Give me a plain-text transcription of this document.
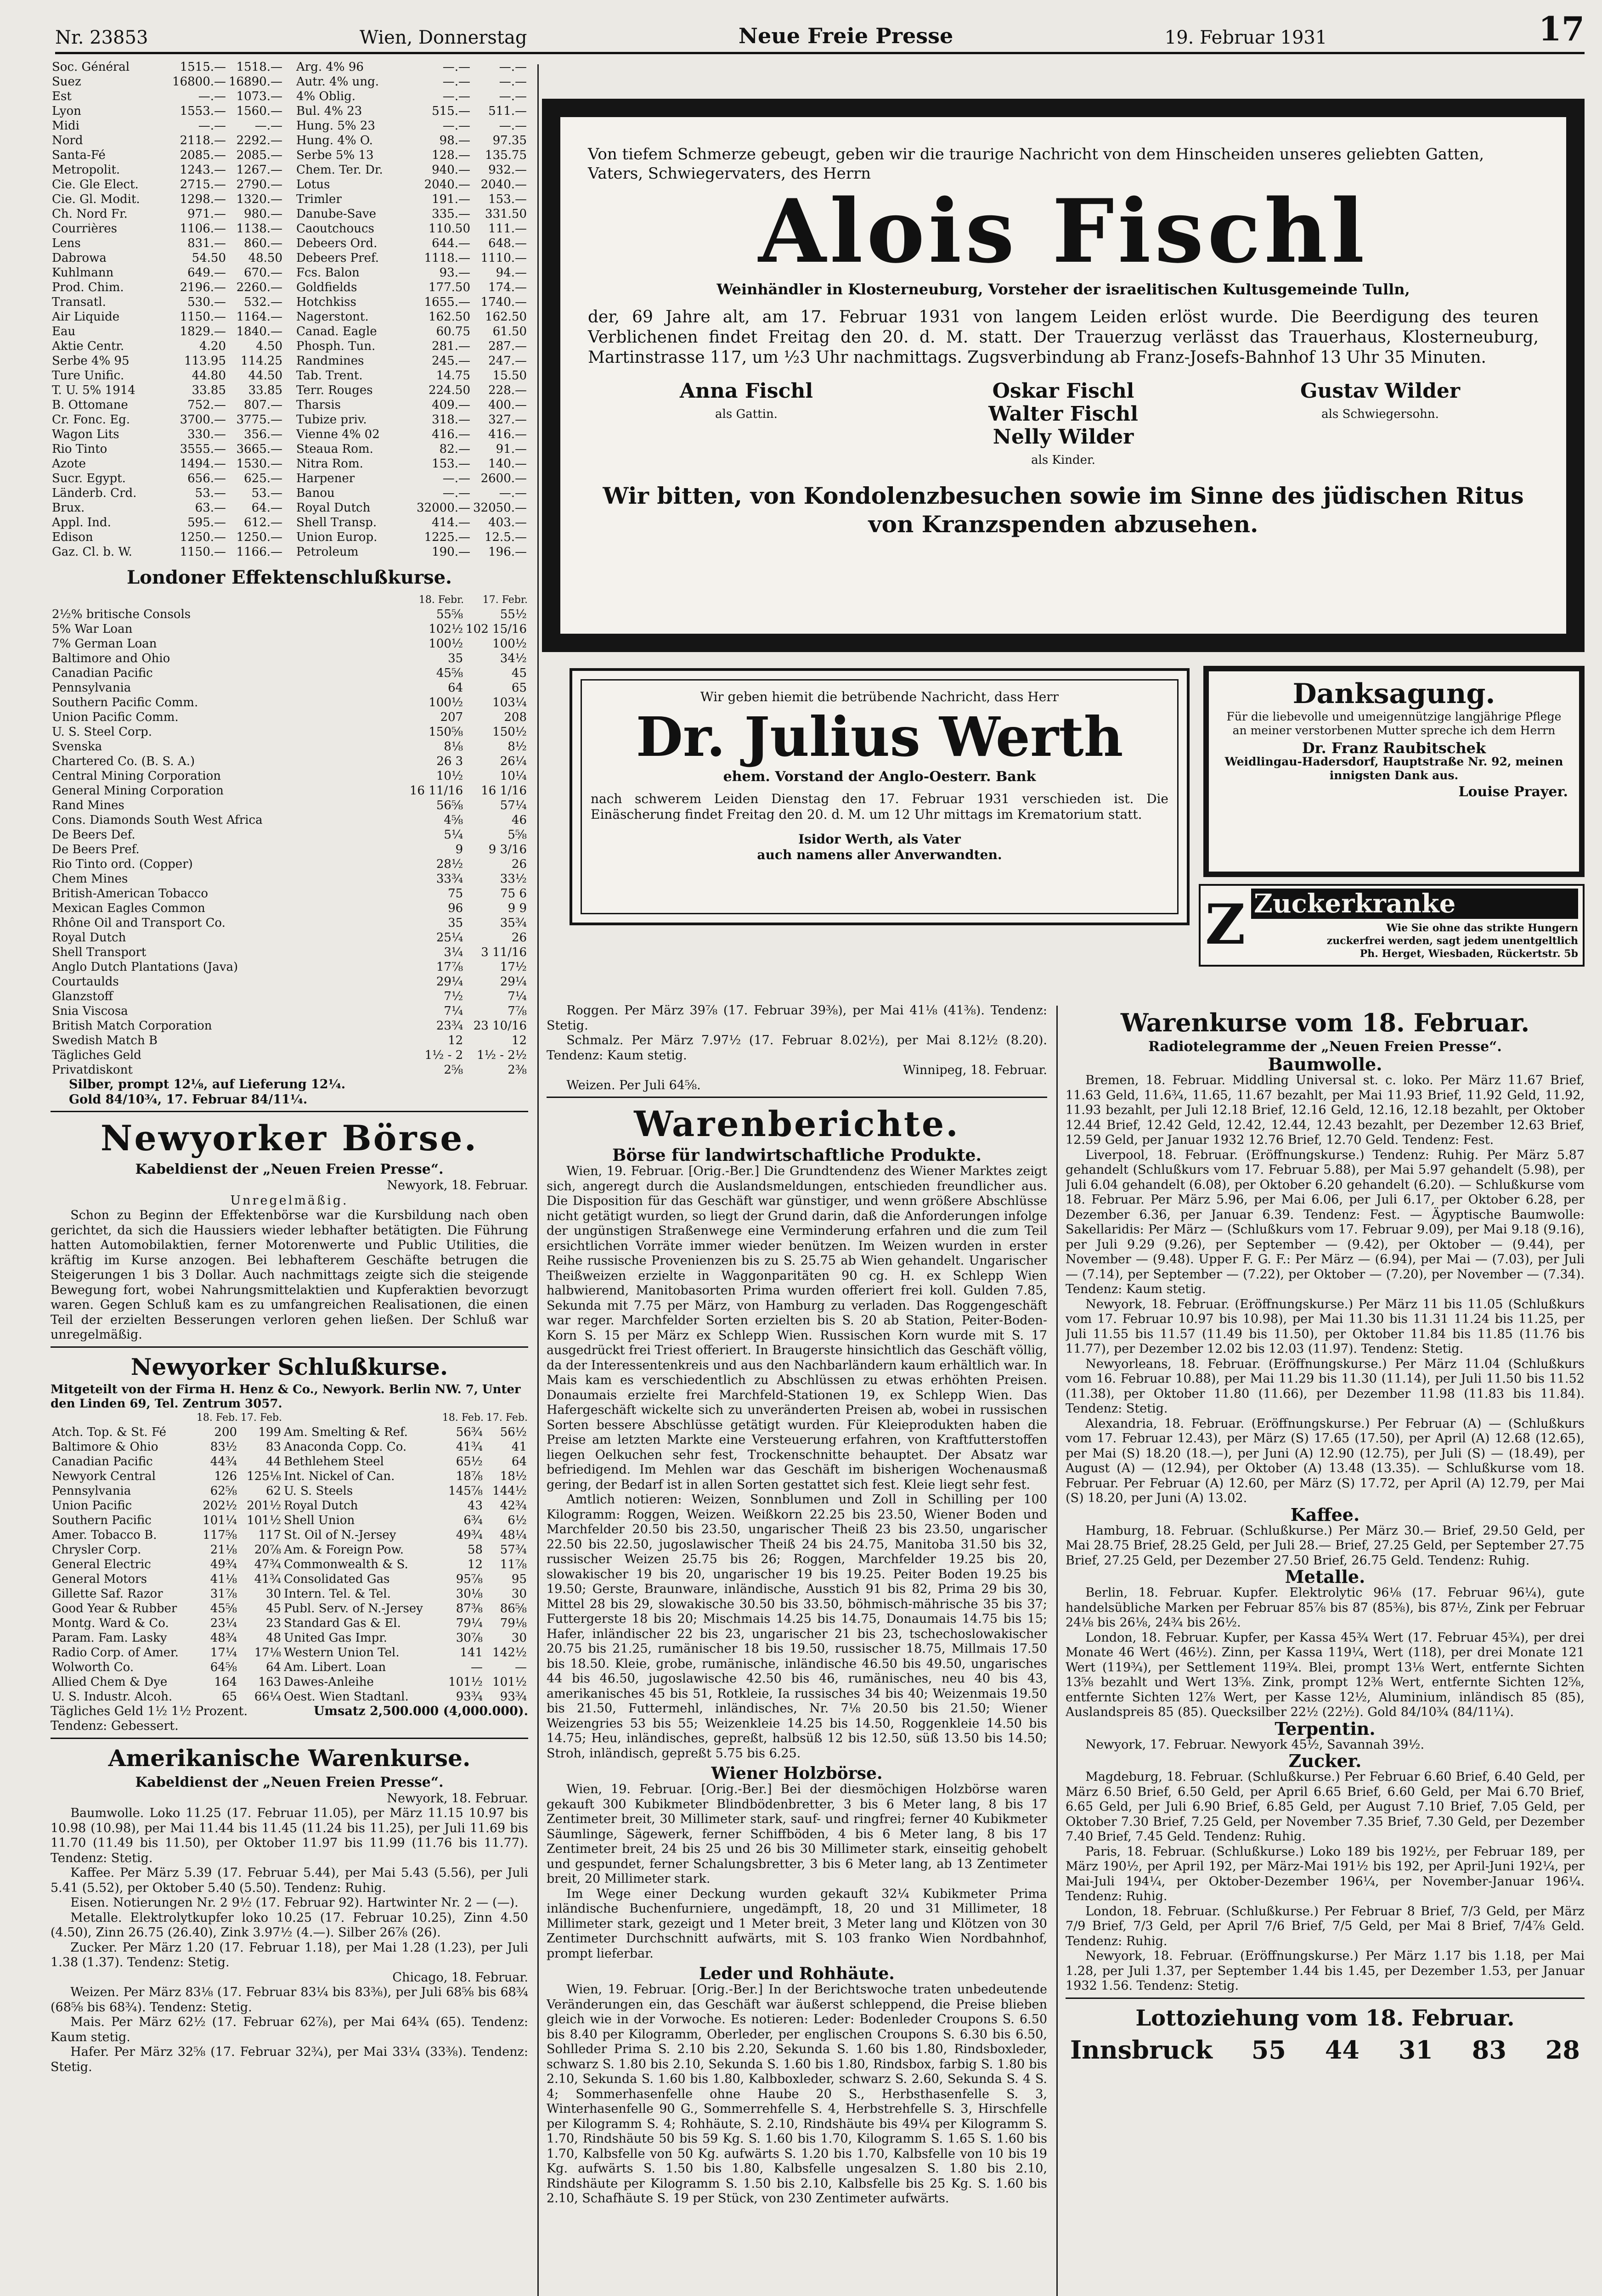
Nr. 23853	Wien, Donnerstag	Neue Freie Presse	19. Februar 1931	17
Soc. Général	1515.—	1518.—
Suez	16800.—	16890.—
Est	—.—	1073.—
Lyon	1553.—	1560.—
Midi	—.—	—.—
Nord	2118.—	2292.—
Santa-Fé	2085.—	2085.—
Metropolit.	1243.—	1267.—
Cie. Gle Elect.	2715.—	2790.—
Cie. Gl. Modit.	1298.—	1320.—
Ch. Nord Fr.	971.—	980.—
Courrières	1106.—	1138.—
Lens	831.—	860.—
Dabrowa	54.50	48.50
Kuhlmann	649.—	670.—
Prod. Chim.	2196.—	2260.—
Transatl.	530.—	532.—
Air Liquide	1150.—	1164.—
Eau	1829.—	1840.—
Aktie Centr.	4.20	4.50
Serbe 4% 95	113.95	114.25
Ture Unific.	44.80	44.50
T. U. 5% 1914	33.85	33.85
B. Ottomane	752.—	807.—
Cr. Fonc. Eg.	3700.—	3775.—
Wagon Lits	330.—	356.—
Rio Tinto	3555.—	3665.—
Azote	1494.—	1530.—
Sucr. Egypt.	656.—	625.—
Länderb. Crd.	53.—	53.—
Brux.	63.—	64.—
Appl. Ind.	595.—	612.—
Edison	1250.—	1250.—
Gaz. Cl. b. W.	1150.—	1166.—
Arg. 4% 96	—.—	—.—
Autr. 4% ung.	—.—	—.—
4% Oblig.	—.—	—.—
Bul. 4% 23	515.—	511.—
Hung. 5% 23	—.—	—.—
Hung. 4% O.	98.—	97.35
Serbe 5% 13	128.—	135.75
Chem. Ter. Dr.	940.—	932.—
Lotus	2040.—	2040.—
Trimler	191.—	153.—
Danube-Save	335.—	331.50
Caoutchoucs	110.50	111.—
Debeers Ord.	644.—	648.—
Debeers Pref.	1118.—	1110.—
Fcs. Balon	93.—	94.—
Goldfields	177.50	174.—
Hotchkiss	1655.—	1740.—
Nagerstont.	162.50	162.50
Canad. Eagle	60.75	61.50
Phosph. Tun.	281.—	287.—
Randmines	245.—	247.—
Tab. Trent.	14.75	15.50
Terr. Rouges	224.50	228.—
Tharsis	409.—	400.—
Tubize priv.	318.—	327.—
Vienne 4% 02	416.—	416.—
Steaua Rom.	82.—	91.—
Nitra Rom.	153.—	140.—
Harpener	—.—	2600.—
Banou	—.—	—.—
Royal Dutch	32000.—	32050.—
Shell Transp.	414.—	403.—
Union Europ.	1225.—	12.5.—
Petroleum	190.—	196.—
Londoner Effektenschlußkurse.
	18. Febr.	17. Febr.
2½% britische Consols	55⅝	55½
5% War Loan	102½	102 15/16
7% German Loan	100½	100½
Baltimore and Ohio	35	34½
Canadian Pacific	45⅝	45
Pennsylvania	64	65
Southern Pacific Comm.	100½	103¼
Union Pacific Comm.	207	208
U. S. Steel Corp.	150⅝	150½
Svenska	8⅛	8½
Chartered Co. (B. S. A.)	26 3	26¼
Central Mining Corporation	10½	10¼
General Mining Corporation	16 11/16	16 1/16
Rand Mines	56⅝	57¼
Cons. Diamonds South West Africa	4⅝	46
De Beers Def.	5¼	5⅝
De Beers Pref.	9	9 3/16
Rio Tinto ord. (Copper)	28½	26
Chem Mines	33¾	33½
British-American Tobacco	75	75 6
Mexican Eagles Common	96	9 9
Rhône Oil and Transport Co.	35	35¾
Royal Dutch	25¼	26
Shell Transport	3¼	3 11/16
Anglo Dutch Plantations (Java)	17⅞	17½
Courtaulds	29¼	29¼
Glanzstoff	7½	7¼
Snia Viscosa	7¼	7⅞
British Match Corporation	23¾	23 10/16
Swedish Match B	12	12
Tägliches Geld	1½ - 2	1½ - 2½
Privatdiskont	2⅝	2⅜
Silber, prompt 12⅛, auf Lieferung 12¼.
Gold 84/10¾, 17. Februar 84/11¼.
Newyorker Börse.
Kabeldienst der „Neuen Freien Presse“.
Newyork, 18. Februar.
Unregelmäßig.

Schon zu Beginn der Effektenbörse war die Kursbildung nach oben gerichtet, da sich die Haussiers wieder lebhafter betätigten. Die Führung hatten Automobilaktien, ferner Motorenwerte und Public Utilities, die kräftig im Kurse anzogen. Bei lebhafterem Geschäfte betrugen die Steigerungen 1 bis 3 Dollar. Auch nachmittags zeigte sich die steigende Bewegung fort, wobei Nahrungsmittelaktien und Kupferaktien bevorzugt waren. Gegen Schluß kam es zu umfangreichen Realisationen, die einen Teil der erzielten Besserungen verloren gehen ließen. Der Schluß war unregelmäßig.

Newyorker Schlußkurse.
Mitgeteilt von der Firma H. Henz & Co., Newyork. Berlin NW. 7, Unter den Linden 69, Tel. Zentrum 3057.
	18. Feb.	17. Feb.		18. Feb.	17. Feb.
Atch. Top. & St. Fé	200	199	Am. Smelting & Ref.	56¾	56½
Baltimore & Ohio	83½	83	Anaconda Copp. Co.	41¾	41
Canadian Pacific	44¾	44	Bethlehem Steel	65½	64
Newyork Central	126	125⅛	Int. Nickel of Can.	18⅞	18½
Pennsylvania	62⅝	62	U. S. Steels	145⅞	144½
Union Pacific	202½	201½	Royal Dutch	43	42¾
Southern Pacific	101¼	101½	Shell Union	6¾	6½
Amer. Tobacco B.	117⅝	117	St. Oil of N.-Jersey	49¾	48¼
Chrysler Corp.	21⅛	20⅞	Am. & Foreign Pow.	58	57¾
General Electric	49¾	47¾	Commonwealth & S.	12	11⅞
General Motors	41⅛	41¾	Consolidated Gas	95⅞	95
Gillette Saf. Razor	31⅞	30	Intern. Tel. & Tel.	30⅛	30
Good Year & Rubber	45⅝	45	Publ. Serv. of N.-Jersey	87⅜	86⅝
Montg. Ward & Co.	23¼	23	Standard Gas & El.	79¼	79⅛
Param. Fam. Lasky	48¾	48	United Gas Impr.	30⅞	30
Radio Corp. of Amer.	17¼	17⅛	Western Union Tel.	141	142½
Wolworth Co.	64⅝	64	Am. Libert. Loan	—	—
Allied Chem & Dye	164	163	Dawes-Anleihe	101½	101½
U. S. Industr. Alcoh.	65	66¼	Oest. Wien Stadtanl.	93¾	93¾
Tägliches Geld 1½ 1½ Prozent.	Umsatz 2,500.000 (4,000.000).
Tendenz: Gebessert.
Amerikanische Warenkurse.
Kabeldienst der „Neuen Freien Presse“.
Newyork, 18. Februar.

Baumwolle. Loko 11.25 (17. Februar 11.05), per März 11.15 10.97 bis 10.98 (10.98), per Mai 11.44 bis 11.45 (11.24 bis 11.25), per Juli 11.69 bis 11.70 (11.49 bis 11.50), per Oktober 11.97 bis 11.99 (11.76 bis 11.77). Tendenz: Stetig.

Kaffee. Per März 5.39 (17. Februar 5.44), per Mai 5.43 (5.56), per Juli 5.41 (5.52), per Oktober 5.40 (5.50). Tendenz: Ruhig.

Eisen. Notierungen Nr. 2 9½ (17. Februar 92). Hartwinter Nr. 2 — (—).

Metalle. Elektrolytkupfer loko 10.25 (17. Februar 10.25), Zinn 4.50 (4.50), Zinn 26.75 (26.40), Zink 3.97½ (4.—). Silber 26⅞ (26).

Zucker. Per März 1.20 (17. Februar 1.18), per Mai 1.28 (1.23), per Juli 1.38 (1.37). Tendenz: Stetig.

Chicago, 18. Februar.

Weizen. Per März 83⅛ (17. Februar 83¼ bis 83⅜), per Juli 68⅝ bis 68¾ (68⅝ bis 68¾). Tendenz: Stetig.

Mais. Per März 62½ (17. Februar 62⅞), per Mai 64¾ (65). Tendenz: Kaum stetig.

Hafer. Per März 32⅝ (17. Februar 32¾), per Mai 33¼ (33⅜). Tendenz: Stetig.

Von tiefem Schmerze gebeugt, geben wir die traurige Nachricht von dem Hinscheiden unseres geliebten Gatten, Vaters, Schwiegervaters, des Herrn
Alois Fischl
Weinhändler in Klosterneuburg, Vorsteher der israelitischen Kultusgemeinde Tulln,
der, 69 Jahre alt, am 17. Februar 1931 von langem Leiden erlöst wurde. Die Beerdigung des teuren Verblichenen findet Freitag den 20. d. M. statt. Der Trauerzug verlässt das Trauerhaus, Klosterneuburg, Martinstrasse 117, um ½3 Uhr nachmittags. Zugsverbindung ab Franz-Josefs-Bahnhof 13 Uhr 35 Minuten.
Anna Fischl
als Gattin.
Oskar Fischl
Walter Fischl
Nelly Wilder
als Kinder.
Gustav Wilder
als Schwiegersohn.
Wir bitten, von Kondolenzbesuchen sowie im Sinne des jüdischen Ritus von Kranzspenden abzusehen.
Wir geben hiemit die betrübende Nachricht, dass Herr
Dr. Julius Werth
ehem. Vorstand der Anglo-Oesterr. Bank
nach schwerem Leiden Dienstag den 17. Februar 1931 verschieden ist. Die Einäscherung findet Freitag den 20. d. M. um 12 Uhr mittags im Krematorium statt.
Isidor Werth, als Vater
auch namens aller Anverwandten.
Danksagung.
Für die liebevolle und umeigennützige langjährige Pflege an meiner verstorbenen Mutter spreche ich dem Herrn
Dr. Franz Raubitschek
Weidlingau-Hadersdorf, Hauptstraße Nr. 92, meinen innigsten Dank aus.
Louise Prayer.
Z Zuckerkranke
Wie Sie ohne das strikte Hungern
zuckerfrei werden, sagt jedem unentgeltlich
Ph. Herget, Wiesbaden, Rückertstr. 5b

Roggen. Per März 39⅞ (17. Februar 39⅜), per Mai 41⅛ (41⅜). Tendenz: Stetig.

Schmalz. Per März 7.97½ (17. Februar 8.02½), per Mai 8.12½ (8.20). Tendenz: Kaum stetig.

Winnipeg, 18. Februar.

Weizen. Per Juli 64⅝.

Warenberichte.
Börse für landwirtschaftliche Produkte.

Wien, 19. Februar. [Orig.-Ber.] Die Grundtendenz des Wiener Marktes zeigt sich, angeregt durch die Auslandsmeldungen, entschieden freundlicher aus. Die Disposition für das Geschäft war günstiger, und wenn größere Abschlüsse nicht getätigt wurden, so liegt der Grund darin, daß die Anforderungen infolge der ungünstigen Straßenwege eine Verminderung erfahren und die zum Teil ersichtlichen Vorräte immer wieder benützen. Im Weizen wurden in erster Reihe russische Provenienzen bis zu S. 25.75 ab Wien gehandelt. Ungarischer Theißweizen erzielte in Waggonparitäten 90 cg. H. ex Schlepp Wien halbwierend, Manitobasorten Prima wurden offeriert frei koll. Gulden 7.85, Sekunda mit 7.75 per März, von Hamburg zu verladen. Das Roggengeschäft war reger. Marchfelder Sorten erzielten bis S. 20 ab Station, Peiter-Boden-Korn S. 15 per März ex Schlepp Wien. Russischen Korn wurde mit S. 17 ausgedrückt frei Triest offeriert. In Braugerste hinsichtlich das Geschäft völlig, da der Interessentenkreis und aus den Nachbarländern kaum erhältlich war. In Mais kam es verschiedentlich zu Abschlüssen zu etwas erhöhten Preisen. Donaumais erzielte frei Marchfeld-Stationen 19, ex Schlepp Wien. Das Hafergeschäft wickelte sich zu unveränderten Preisen ab, wobei in russischen Sorten bessere Abschlüsse getätigt wurden. Für Kleieprodukten haben die Preise am letzten Markte eine Versteuerung erfahren, von Kraftfutterstoffen liegen Oelkuchen sehr fest, Trockenschnitte behauptet. Der Absatz war befriedigend. Im Mehlen war das Geschäft im bisherigen Wochenausmaß gering, der Bedarf ist in allen Sorten gestattet sich fest. Kleie liegt sehr fest.

Amtlich notieren: Weizen, Sonnblumen und Zoll in Schilling per 100 Kilogramm: Roggen, Weizen. Weißkorn 22.25 bis 23.50, Wiener Boden und Marchfelder 20.50 bis 23.50, ungarischer Theiß 23 bis 23.50, ungarischer 22.50 bis 22.50, jugoslawischer Theiß 24 bis 24.75, Manitoba 31.50 bis 32, russischer Weizen 25.75 bis 26; Roggen, Marchfelder 19.25 bis 20, slowakischer 19 bis 20, ungarischer 19 bis 19.25. Peiter Boden 19.25 bis 19.50; Gerste, Braunware, inländische, Ausstich 91 bis 82, Prima 29 bis 30, Mittel 28 bis 29, slowakische 30.50 bis 33.50, böhmisch-mährische 35 bis 37; Futtergerste 18 bis 20; Mischmais 14.25 bis 14.75, Donaumais 14.75 bis 15; Hafer, inländischer 22 bis 23, ungarischer 21 bis 23, tschechoslowakischer 20.75 bis 21.25, rumänischer 18 bis 19.50, russischer 18.75, Millmais 17.50 bis 18.50. Kleie, grobe, rumänische, inländische 46.50 bis 49.50, ungarisches 44 bis 46.50, jugoslawische 42.50 bis 46, rumänisches, neu 40 bis 43, amerikanisches 45 bis 51, Rotkleie, Ia russisches 34 bis 40; Weizenmais 19.50 bis 21.50, Futtermehl, inländisches, Nr. 7⅛ 20.50 bis 21.50; Wiener Weizengries 53 bis 55; Weizenkleie 14.25 bis 14.50, Roggenkleie 14.50 bis 14.75; Heu, inländisches, gepreßt, halbsüß 12 bis 12.50, süß 13.50 bis 14.50; Stroh, inländisch, gepreßt 5.75 bis 6.25.

Wiener Holzbörse.

Wien, 19. Februar. [Orig.-Ber.] Bei der diesmöchigen Holzbörse waren gekauft 300 Kubikmeter Blindbödenbretter, 3 bis 6 Meter lang, 8 bis 17 Zentimeter breit, 30 Millimeter stark, sauf- und ringfrei; ferner 40 Kubikmeter Säumlinge, Sägewerk, ferner Schiffböden, 4 bis 6 Meter lang, 8 bis 17 Zentimeter breit, 24 bis 25 und 26 bis 30 Millimeter stark, einseitig gehobelt und gespundet, ferner Schalungsbretter, 3 bis 6 Meter lang, ab 13 Zentimeter breit, 20 Millimeter stark.

Im Wege einer Deckung wurden gekauft 32¼ Kubikmeter Prima inländische Buchenfurniere, ungedämpft, 18, 20 und 31 Millimeter, 18 Millimeter stark, gezeigt und 1 Meter breit, 3 Meter lang und Klötzen von 30 Zentimeter Durchschnitt aufwärts, mit S. 103 franko Wien Nordbahnhof, prompt lieferbar.

Leder und Rohhäute.

Wien, 19. Februar. [Orig.-Ber.] In der Berichtswoche traten unbedeutende Veränderungen ein, das Geschäft war äußerst schleppend, die Preise blieben gleich wie in der Vorwoche. Es notieren: Leder: Bodenleder Croupons S. 6.50 bis 8.40 per Kilogramm, Oberleder, per englischen Croupons S. 6.30 bis 6.50, Sohlleder Prima S. 2.10 bis 2.20, Sekunda S. 1.60 bis 1.80, Rindsboxleder, schwarz S. 1.80 bis 2.10, Sekunda S. 1.60 bis 1.80, Rindsbox, farbig S. 1.80 bis 2.10, Sekunda S. 1.60 bis 1.80, Kalbboxleder, schwarz S. 2.60, Sekunda S. 4 S. 4; Sommerhasenfelle ohne Haube 20 S., Herbsthasenfelle S. 3, Winterhasenfelle 90 G., Sommerrehfelle S. 4, Herbstrehfelle S. 3, Hirschfelle per Kilogramm S. 4; Rohhäute, S. 2.10, Rindshäute bis 49¼ per Kilogramm S. 1.70, Rindshäute 50 bis 59 Kg. S. 1.60 bis 1.70, Kilogramm S. 1.65 S. 1.60 bis 1.70, Kalbsfelle von 50 Kg. aufwärts S. 1.20 bis 1.70, Kalbsfelle von 10 bis 19 Kg. aufwärts S. 1.50 bis 1.80, Kalbsfelle ungesalzen S. 1.80 bis 2.10, Rindshäute per Kilogramm S. 1.50 bis 2.10, Kalbsfelle bis 25 Kg. S. 1.60 bis 2.10, Schafhäute S. 19 per Stück, von 230 Zentimeter aufwärts.

Warenkurse vom 18. Februar.
Radiotelegramme der „Neuen Freien Presse“.
Baumwolle.

Bremen, 18. Februar. Middling Universal st. c. loko. Per März 11.67 Brief, 11.63 Geld, 11.6¾, 11.65, 11.67 bezahlt, per Mai 11.93 Brief, 11.92 Geld, 11.92, 11.93 bezahlt, per Juli 12.18 Brief, 12.16 Geld, 12.16, 12.18 bezahlt, per Oktober 12.44 Brief, 12.42 Geld, 12.42, 12.44, 12.43 bezahlt, per Dezember 12.63 Brief, 12.59 Geld, per Januar 1932 12.76 Brief, 12.70 Geld. Tendenz: Fest.

Liverpool, 18. Februar. (Eröffnungskurse.) Tendenz: Ruhig. Per März 5.87 gehandelt (Schlußkurs vom 17. Februar 5.88), per Mai 5.97 gehandelt (5.98), per Juli 6.04 gehandelt (6.08), per Oktober 6.20 gehandelt (6.20). — Schlußkurse vom 18. Februar. Per März 5.96, per Mai 6.06, per Juli 6.17, per Oktober 6.28, per Dezember 6.36, per Januar 6.39. Tendenz: Fest. — Ägyptische Baumwolle: Sakellaridis: Per März — (Schlußkurs vom 17. Februar 9.09), per Mai 9.18 (9.16), per Juli 9.29 (9.26), per September — (9.42), per Oktober — (9.44), per November — (9.48). Upper F. G. F.: Per März — (6.94), per Mai — (7.03), per Juli — (7.14), per September — (7.22), per Oktober — (7.20), per November — (7.34). Tendenz: Kaum stetig.

Newyork, 18. Februar. (Eröffnungskurse.) Per März 11 bis 11.05 (Schlußkurs vom 17. Februar 10.97 bis 10.98), per Mai 11.30 bis 11.31 11.24 bis 11.25, per Juli 11.55 bis 11.57 (11.49 bis 11.50), per Oktober 11.84 bis 11.85 (11.76 bis 11.77), per Dezember 12.02 bis 12.03 (11.97). Tendenz: Stetig.

Newyorleans, 18. Februar. (Eröffnungskurse.) Per März 11.04 (Schlußkurs vom 16. Februar 10.88), per Mai 11.29 bis 11.30 (11.14), per Juli 11.50 bis 11.52 (11.38), per Oktober 11.80 (11.66), per Dezember 11.98 (11.83 bis 11.84). Tendenz: Stetig.

Alexandria, 18. Februar. (Eröffnungskurse.) Per Februar (A) — (Schlußkurs vom 17. Februar 12.43), per März (S) 17.65 (17.50), per April (A) 12.68 (12.65), per Mai (S) 18.20 (18.—), per Juni (A) 12.90 (12.75), per Juli (S) — (18.49), per August (A) — (12.94), per Oktober (A) 13.48 (13.35). — Schlußkurse vom 18. Februar. Per Februar (A) 12.60, per März (S) 17.72, per April (A) 12.79, per Mai (S) 18.20, per Juni (A) 13.02.

Kaffee.

Hamburg, 18. Februar. (Schlußkurse.) Per März 30.— Brief, 29.50 Geld, per Mai 28.75 Brief, 28.25 Geld, per Juli 28.— Brief, 27.25 Geld, per September 27.75 Brief, 27.25 Geld, per Dezember 27.50 Brief, 26.75 Geld. Tendenz: Ruhig.

Metalle.

Berlin, 18. Februar. Kupfer. Elektrolytic 96⅛ (17. Februar 96¼), gute handelsübliche Marken per Februar 85⅞ bis 87 (85⅜), bis 87½, Zink per Februar 24⅛ bis 26⅛, 24¾ bis 26½.

London, 18. Februar. Kupfer, per Kassa 45¾ Wert (17. Februar 45¾), per drei Monate 46 Wert (46½). Zinn, per Kassa 119¼, Wert (118), per drei Monate 121 Wert (119¾), per Settlement 119¾. Blei, prompt 13⅛ Wert, entfernte Sichten 13⅝ bezahlt und Wert 13⅝. Zink, prompt 12⅜ Wert, entfernte Sichten 12⅝, entfernte Sichten 12⅞ Wert, per Kasse 12½, Aluminium, inländisch 85 (85), Auslandspreis 85 (85). Quecksilber 22½ (22½). Gold 84/10¾ (84/11¼).

Terpentin.

Newyork, 17. Februar. Newyork 45½, Savannah 39½.

Zucker.

Magdeburg, 18. Februar. (Schlußkurse.) Per Februar 6.60 Brief, 6.40 Geld, per März 6.50 Brief, 6.50 Geld, per April 6.65 Brief, 6.60 Geld, per Mai 6.70 Brief, 6.65 Geld, per Juli 6.90 Brief, 6.85 Geld, per August 7.10 Brief, 7.05 Geld, per Oktober 7.30 Brief, 7.25 Geld, per November 7.35 Brief, 7.30 Geld, per Dezember 7.40 Brief, 7.45 Geld. Tendenz: Ruhig.

Paris, 18. Februar. (Schlußkurse.) Loko 189 bis 192½, per Februar 189, per März 190½, per April 192, per März-Mai 191½ bis 192, per April-Juni 192¼, per Mai-Juli 194¼, per Oktober-Dezember 196¼, per November-Januar 196¼. Tendenz: Ruhig.

London, 18. Februar. (Schlußkurse.) Per Februar 8 Brief, 7/3 Geld, per März 7/9 Brief, 7/3 Geld, per April 7/6 Brief, 7/5 Geld, per Mai 8 Brief, 7/4⅞ Geld. Tendenz: Ruhig.

Newyork, 18. Februar. (Eröffnungskurse.) Per März 1.17 bis 1.18, per Mai 1.28, per Juli 1.37, per September 1.44 bis 1.45, per Dezember 1.53, per Januar 1932 1.56. Tendenz: Stetig.

Lottoziehung vom 18. Februar.
Innsbruck 55 44 31 83 28
